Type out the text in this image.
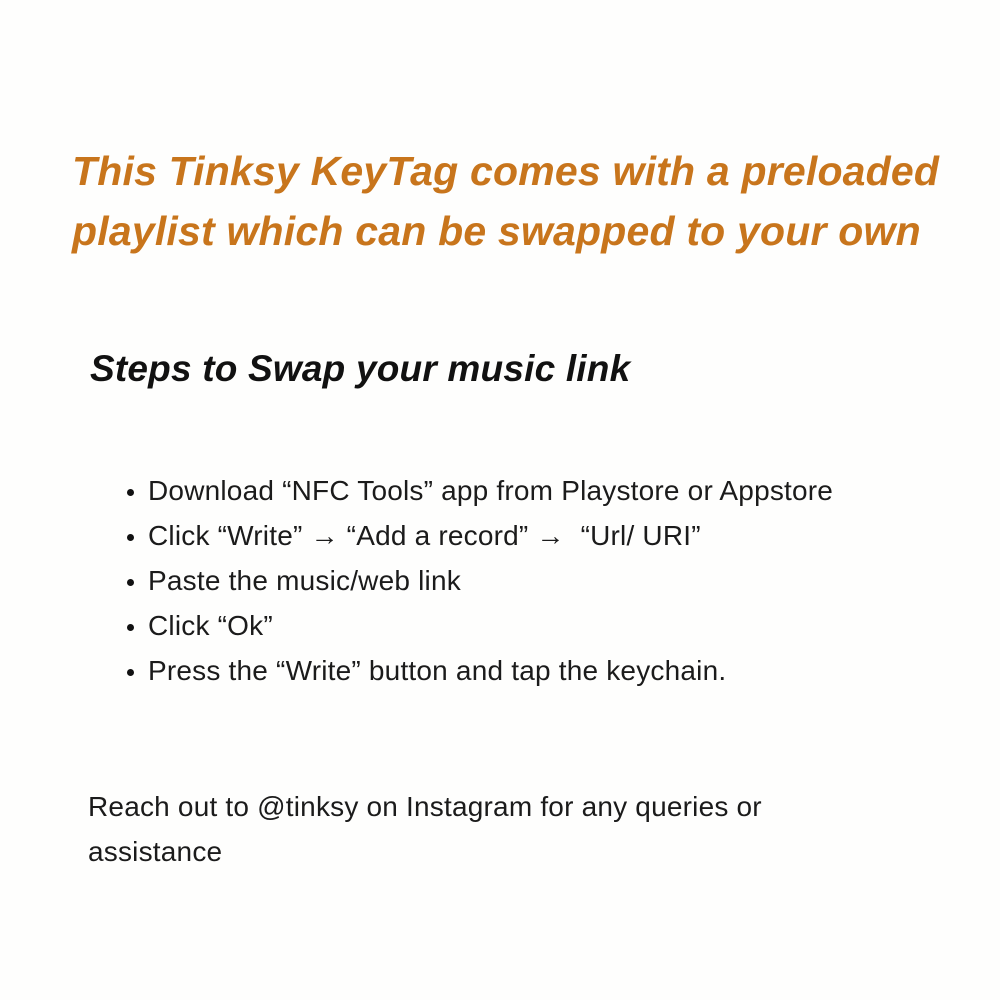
This Tinksy KeyTag comes with a preloaded playlist which can be swapped to your own
Steps to Swap your music link
• Download “NFC Tools” app from Playstore or Appstore
• Click “Write” → “Add a record” →  “Url/ URI”
• Paste the music/web link
• Click “Ok”
• Press the “Write” button and tap the keychain.

Reach out to @tinksy on Instagram for any queries or assistance
